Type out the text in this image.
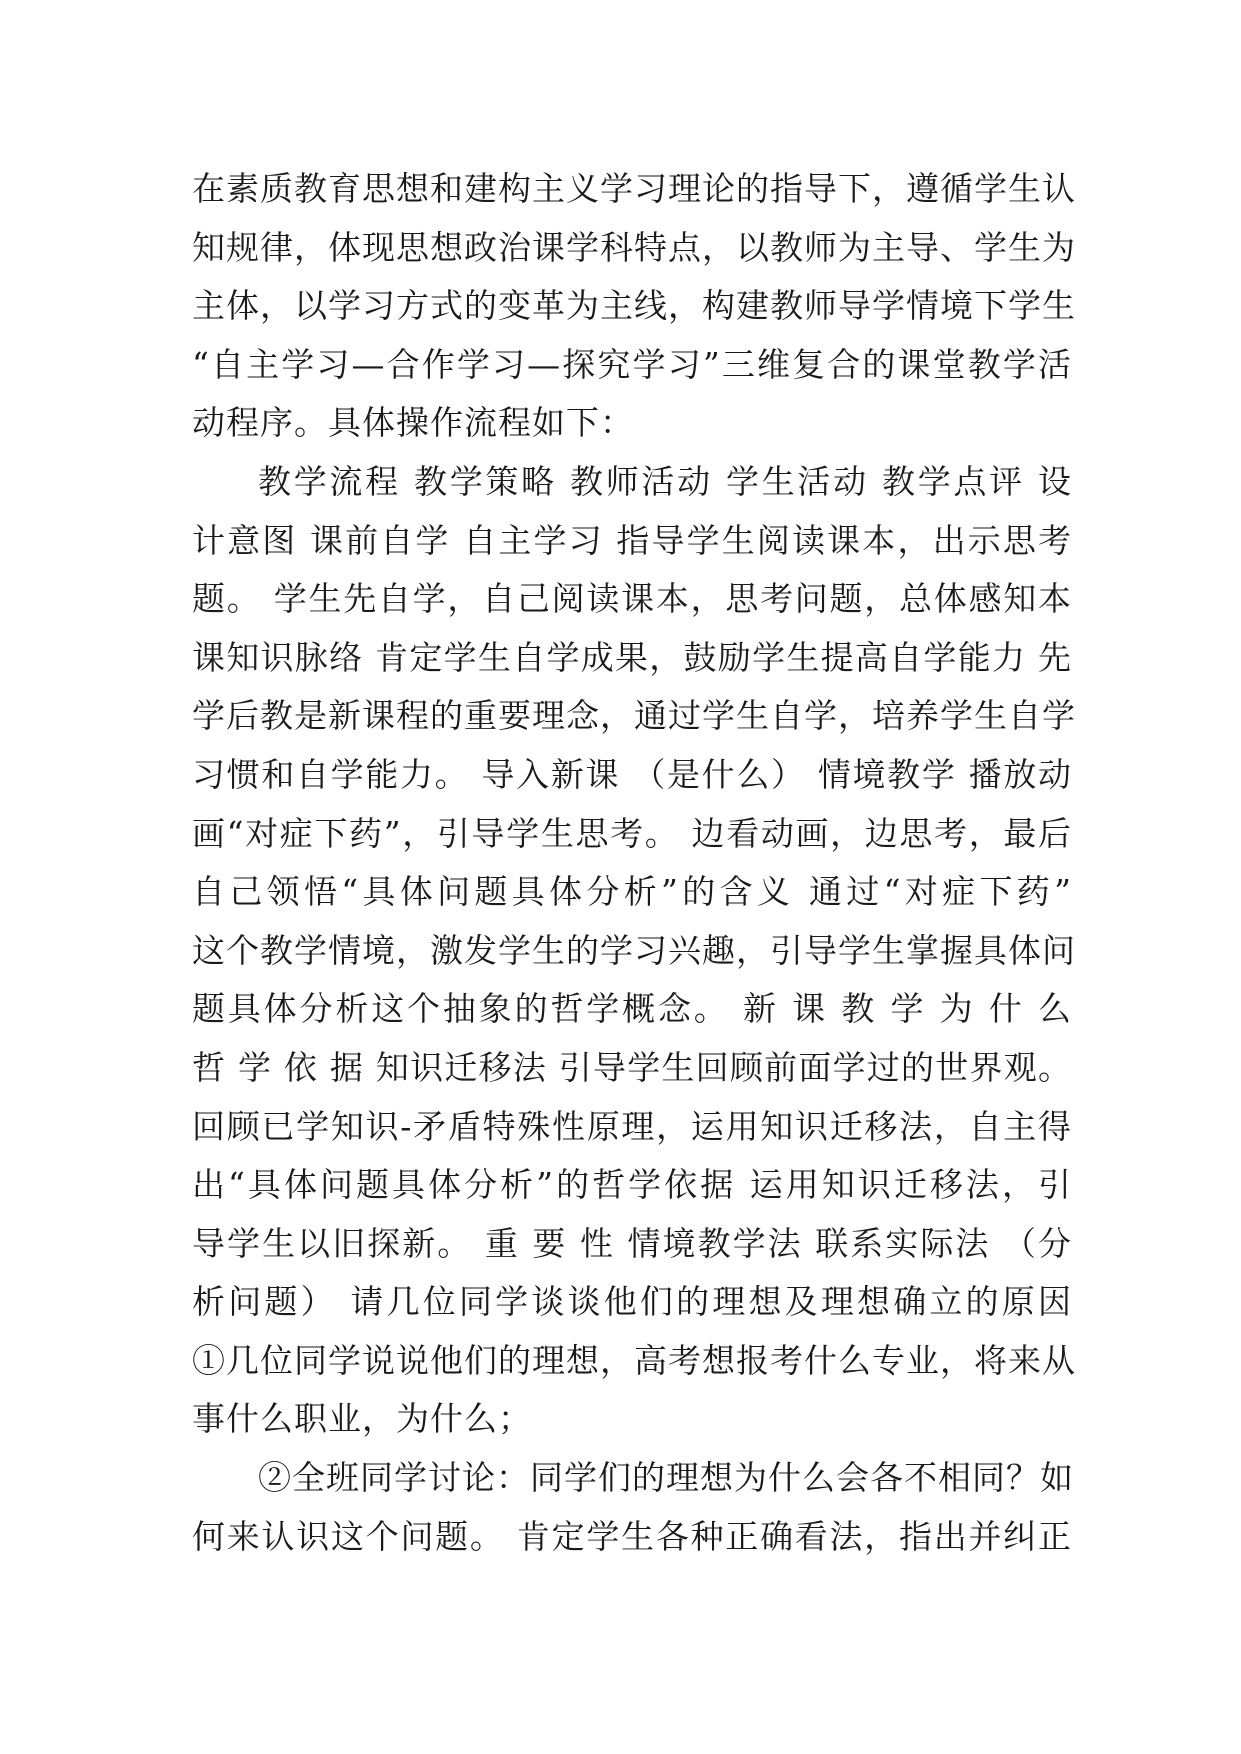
在素质教育思想和建构主义学习理论的指导下，遵循学生认
知规律，体现思想政治课学科特点，以教师为主导、学生为
主体，以学习方式的变革为主线，构建教师导学情境下学生
“自主学习—合作学习—探究学习”三维复合的课堂教学活
动程序。具体操作流程如下：
教学流程 教学策略 教师活动 学生活动 教学点评 设
计意图 课前自学 自主学习 指导学生阅读课本，出示思考
题。 学生先自学，自己阅读课本，思考问题，总体感知本
课知识脉络 肯定学生自学成果，鼓励学生提高自学能力 先
学后教是新课程的重要理念，通过学生自学，培养学生自学
习惯和自学能力。 导入新课 （是什么） 情境教学 播放动
画“对症下药”，引导学生思考。 边看动画，边思考，最后
自己领悟“具体问题具体分析”的含义 通过“对症下药”
这个教学情境，激发学生的学习兴趣，引导学生掌握具体问
题具体分析这个抽象的哲学概念。 新 课 教 学 为 什 么
哲 学 依 据 知识迁移法 引导学生回顾前面学过的世界观。
回顾已学知识-矛盾特殊性原理，运用知识迁移法，自主得
出“具体问题具体分析”的哲学依据 运用知识迁移法，引
导学生以旧探新。 重 要 性 情境教学法 联系实际法 （分
析问题） 请几位同学谈谈他们的理想及理想确立的原因
①几位同学说说他们的理想，高考想报考什么专业，将来从
事什么职业，为什么；
②全班同学讨论：同学们的理想为什么会各不相同？如
何来认识这个问题。 肯定学生各种正确看法，指出并纠正
